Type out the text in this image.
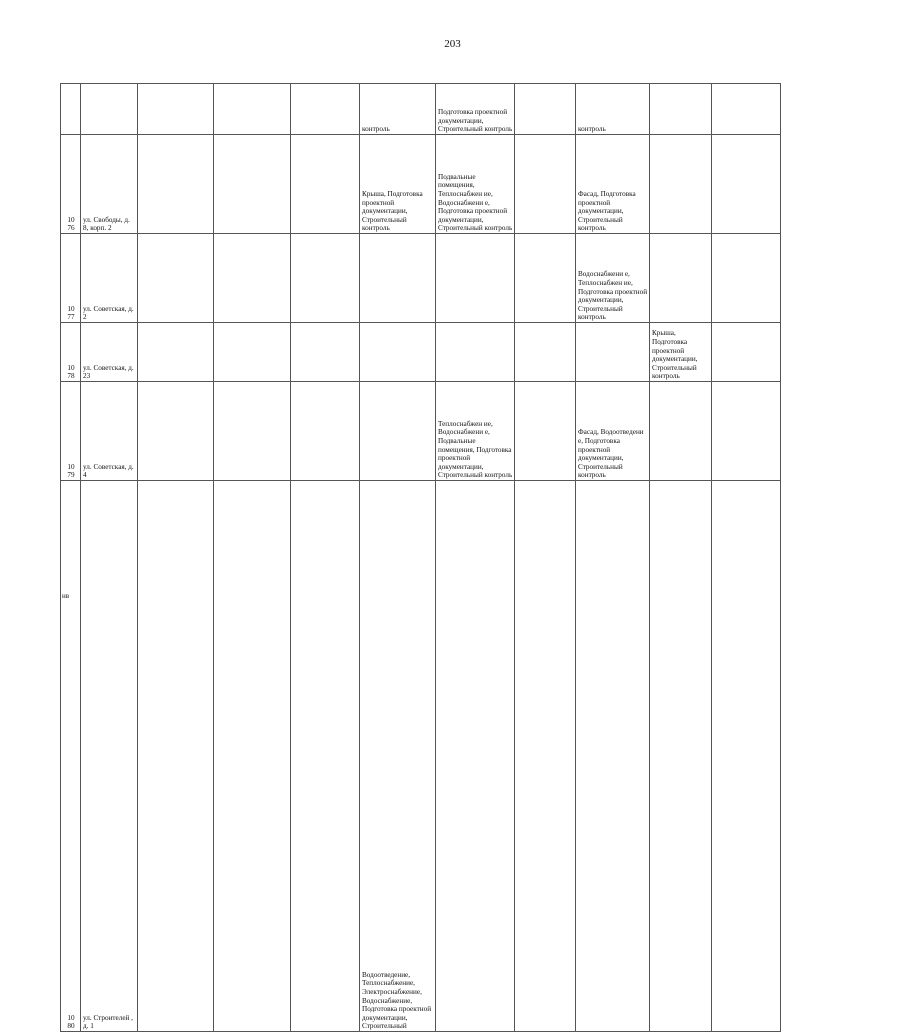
203
						контроль	Подготовка проектной документации, Строительный контроль		контроль		
10 76	ул. Свободы, д. 8, корп. 2					Крыша, Подготовка проектной документации, Строительный контроль	Подвальные помещения, Теплоснабжен ие, Водоснабжени е, Подготовка проектной документации, Строительный контроль		Фасад, Подготовка проектной документации, Строительный контроль		
10 77	ул. Советская, д. 2								Водоснабжени е, Теплоснабжен ие, Подготовка проектной документации, Строительный контроль		
10 78	ул. Советская, д. 23									Крыша, Подготовка проектной документации, Строительный контроль	
10 79	ул. Советская, д. 4						Теплоснабжен ие, Водоснабжени е, Подвальные помещения, Подготовка проектной документации, Строительный контроль		Фасад, Водоотведени е, Подготовка проектной документации, Строительный контроль		
10 80	ул. Строителей , д. 1					Водоотведение, Теплоснабжение, Электроснабжение, Водоснабжение, Подготовка проектной документации, Строительный					
нв
